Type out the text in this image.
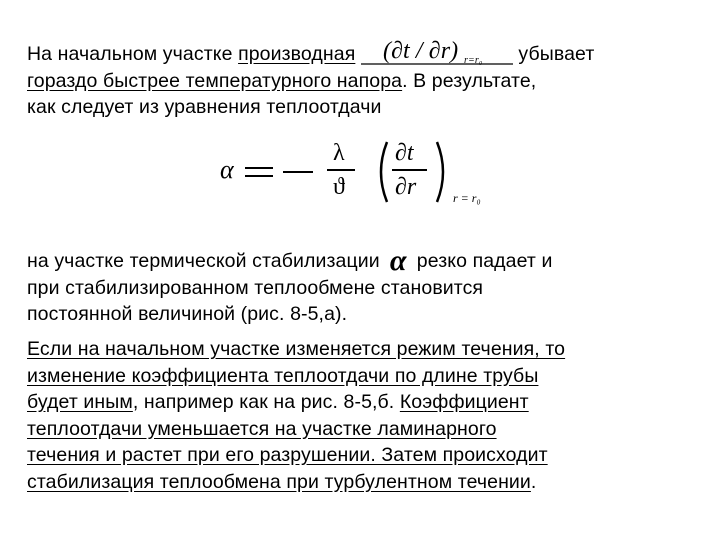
На начальном участке производная (∂t / ∂r) r=r₀ убывает
гораздо быстрее температурного напора. В результате,
как следует из уравнения теплоотдачи
α
λ
ϑ
∂t
∂r	r = r₀
на участке термической стабилизации α резко падает и
при стабилизированном теплообмене становится
постоянной величиной (рис. 8-5,а).
Если на начальном участке изменяется режим течения, то
изменение коэффициента теплоотдачи по длине трубы
будет иным, например как на рис. 8-5,б. Коэффициент
теплоотдачи уменьшается на участке ламинарного
течения и растет при его разрушении. Затем происходит
стабилизация теплообмена при турбулентном течении.
